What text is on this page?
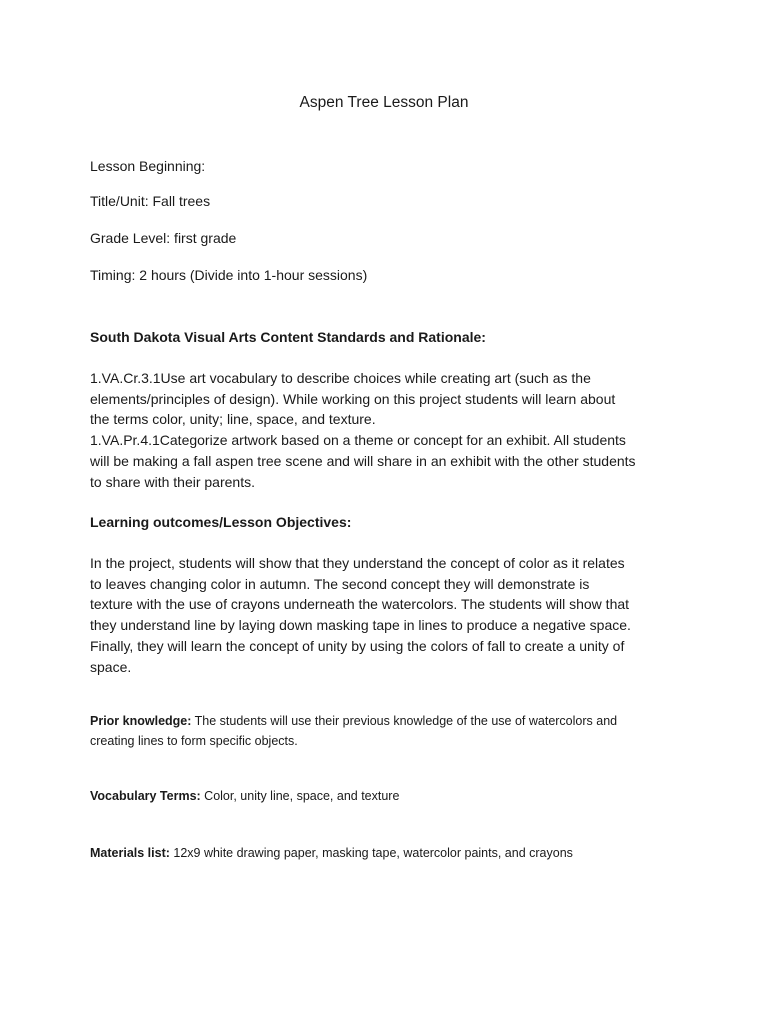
Aspen Tree Lesson Plan
Lesson Beginning:
Title/Unit: Fall trees
Grade Level: first grade
Timing: 2 hours (Divide into 1-hour sessions)
South Dakota Visual Arts Content Standards and Rationale:
1.VA.Cr.3.1Use art vocabulary to describe choices while creating art (such as the
elements/principles of design). While working on this project students will learn about
the terms color, unity; line, space, and texture.
1.VA.Pr.4.1Categorize artwork based on a theme or concept for an exhibit. All students
will be making a fall aspen tree scene and will share in an exhibit with the other students
to share with their parents.
Learning outcomes/Lesson Objectives:
In the project, students will show that they understand the concept of color as it relates
to leaves changing color in autumn. The second concept they will demonstrate is
texture with the use of crayons underneath the watercolors. The students will show that
they understand line by laying down masking tape in lines to produce a negative space.
Finally, they will learn the concept of unity by using the colors of fall to create a unity of
space.
Prior knowledge: The students will use their previous knowledge of the use of watercolors and
creating lines to form specific objects.
Vocabulary Terms: Color, unity line, space, and texture
Materials list: 12x9 white drawing paper, masking tape, watercolor paints, and crayons
